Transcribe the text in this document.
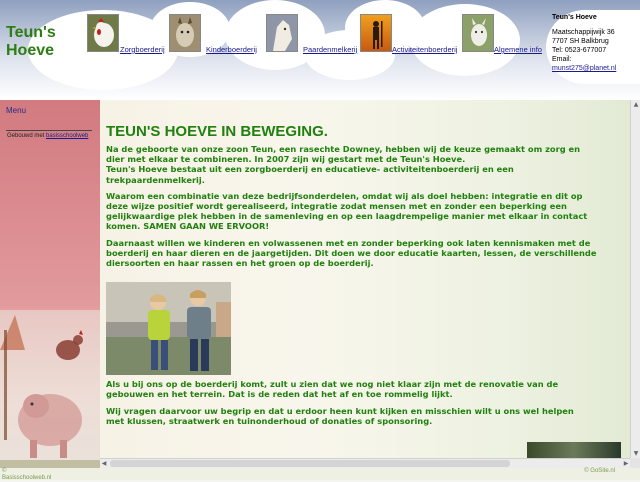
Teun's Hoeve	Zorgboerderij	Kinderboerderij	Paardenmelkerij	Activiteitenboerderij	Algemene info
Teun's Hoeve
Maatschappijwijk 36
7707 SH Balkbrug
Tel: 0523-677007
Email:
munst275@planet.nl
Menu
Gebouwd met basisschoolweb TEUN'S HOEVE IN BEWEGING.

Na de geboorte van onze zoon Teun, een rasechte Downey, hebben wij de keuze gemaakt om zorg en
dier met elkaar te combineren. In 2007 zijn wij gestart met de Teun's Hoeve.
Teun's Hoeve bestaat uit een zorgboerderij en educatieve- activiteitenboerderij en een
trekpaardenmelkerij.

Waarom een combinatie van deze bedrijfsonderdelen, omdat wij als doel hebben: integratie en dit op
deze wijze positief wordt gerealiseerd, integratie zodat mensen met en zonder een beperking een
gelijkwaardige plek hebben in de samenleving en op een laagdrempelige manier met elkaar in contact
komen. SAMEN GAAN WE ERVOOR!

Daarnaast willen we kinderen en volwassenen met en zonder beperking ook laten kennismaken met de
boerderij en haar dieren en de jaargetijden. Dit doen we door educatie kaarten, lessen, de verschillende
diersoorten en haar rassen en het groen op de boerderij.

Als u bij ons op de boerderij komt, zult u zien dat we nog niet klaar zijn met de renovatie van de
gebouwen en het terrein. Dat is de reden dat het af en toe rommelig lijkt.

Wij vragen daarvoor uw begrip en dat u erdoor heen kunt kijken en misschien wilt u ons wel helpen
met klussen, straatwerk en tuinonderhoud of donaties of sponsoring.

▲
▼
◀	▶
©
Basisschoolweb.nl
© GoSite.nl
